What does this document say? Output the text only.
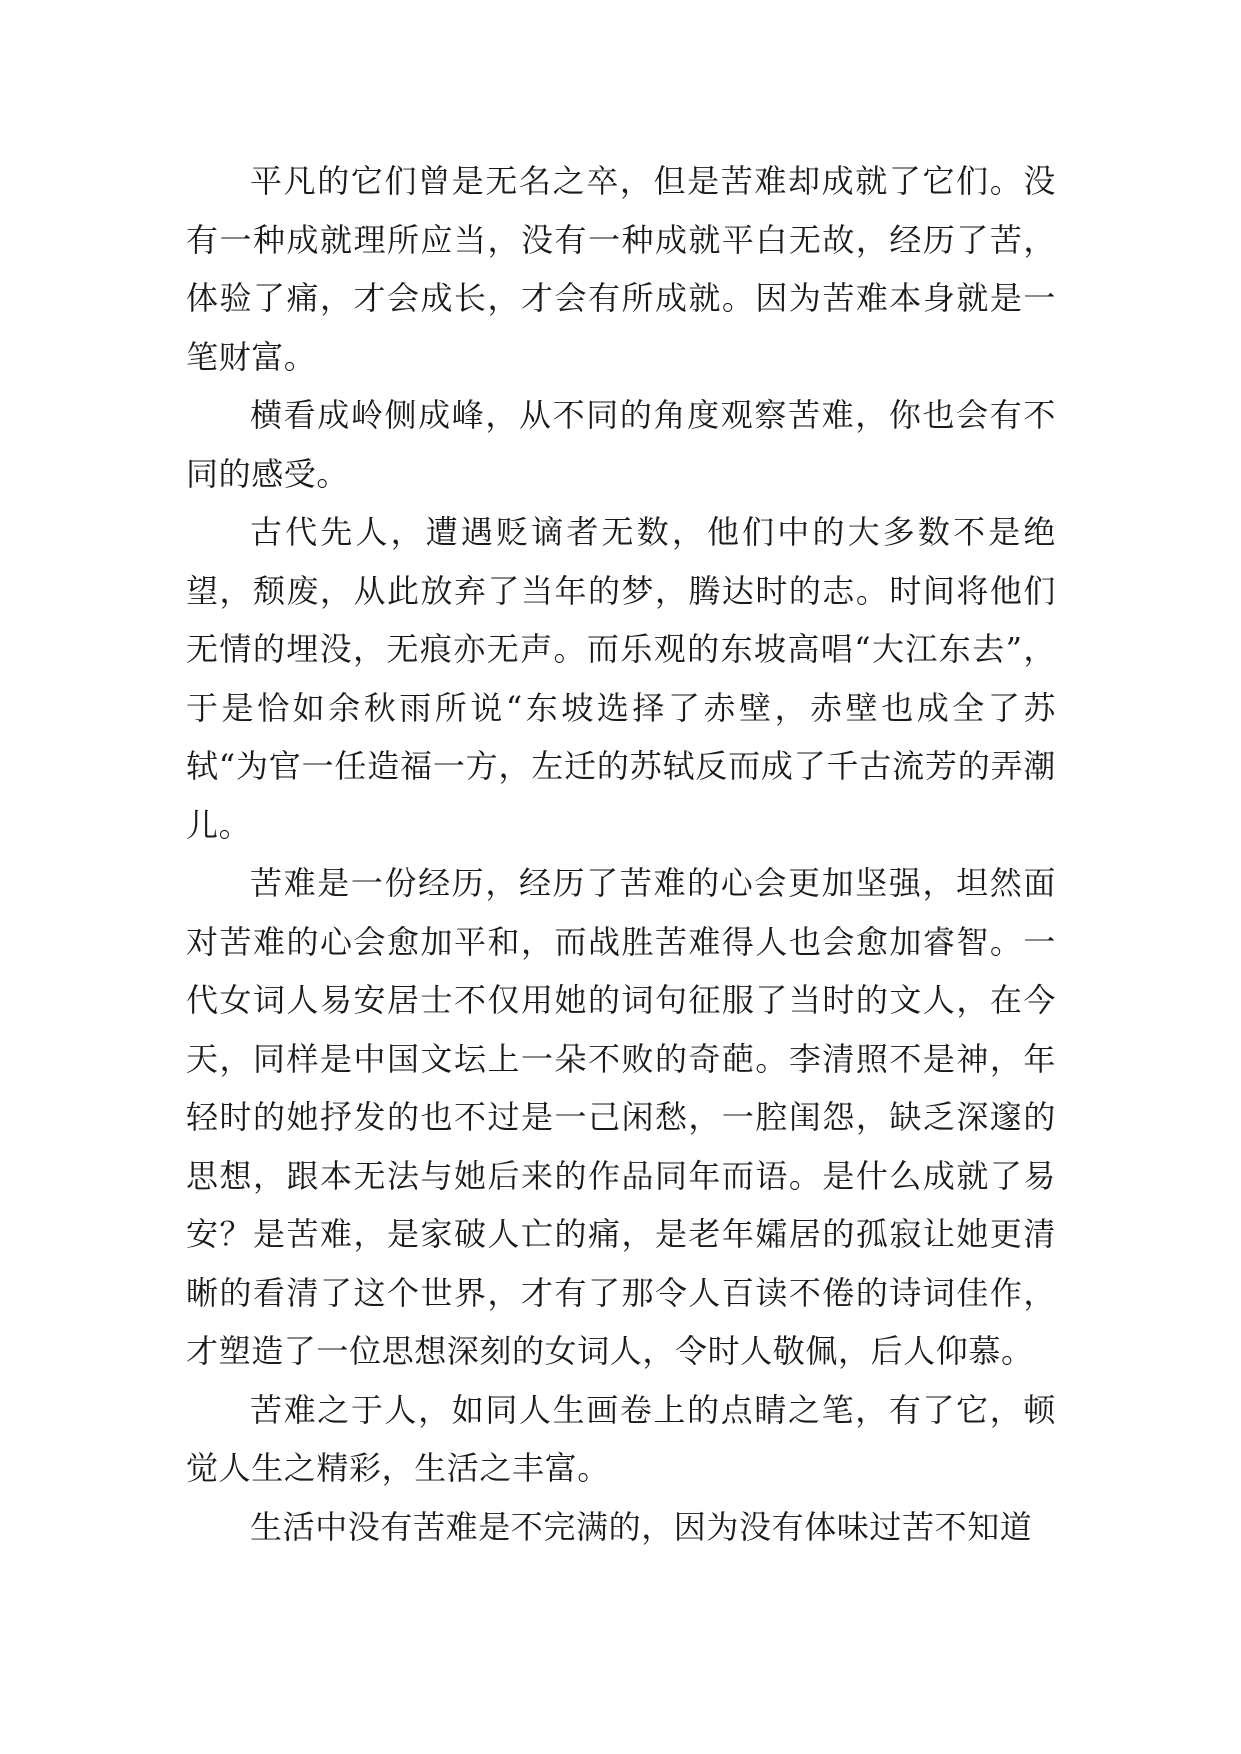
平凡的它们曾是无名之卒，但是苦难却成就了它们。没有一种成就理所应当，没有一种成就平白无故，经历了苦，体验了痛，才会成长，才会有所成就。因为苦难本身就是一笔财富。

横看成岭侧成峰，从不同的角度观察苦难，你也会有不同的感受。

古代先人，遭遇贬谪者无数，他们中的大多数不是绝望，颓废，从此放弃了当年的梦，腾达时的志。时间将他们无情的埋没，无痕亦无声。而乐观的东坡高唱“大江东去”，于是恰如余秋雨所说“东坡选择了赤壁，赤壁也成全了苏轼“为官一任造福一方，左迁的苏轼反而成了千古流芳的弄潮儿。

苦难是一份经历，经历了苦难的心会更加坚强，坦然面对苦难的心会愈加平和，而战胜苦难得人也会愈加睿智。一代女词人易安居士不仅用她的词句征服了当时的文人，在今天，同样是中国文坛上一朵不败的奇葩。李清照不是神，年轻时的她抒发的也不过是一己闲愁，一腔闺怨，缺乏深邃的思想，跟本无法与她后来的作品同年而语。是什么成就了易安？是苦难，是家破人亡的痛，是老年孀居的孤寂让她更清晰的看清了这个世界，才有了那令人百读不倦的诗词佳作，才塑造了一位思想深刻的女词人，令时人敬佩，后人仰慕。

苦难之于人，如同人生画卷上的点睛之笔，有了它，顿觉人生之精彩，生活之丰富。

生活中没有苦难是不完满的，因为没有体味过苦不知道
